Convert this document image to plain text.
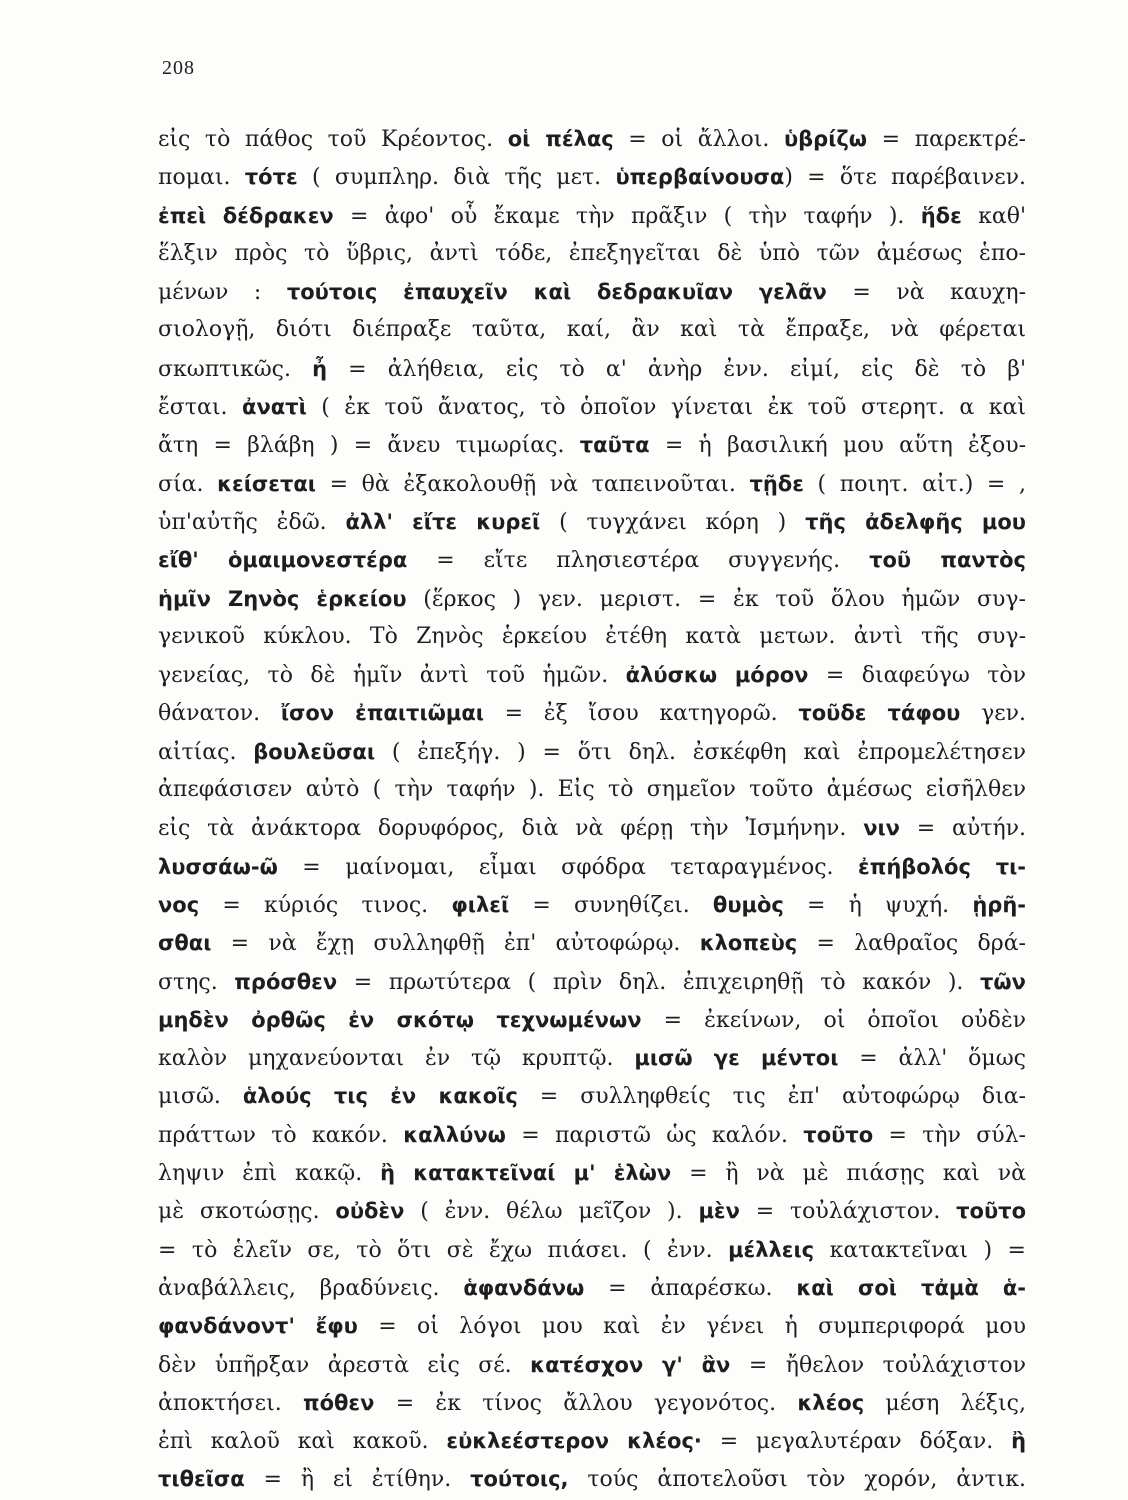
208
εἰς τὸ πάθος τοῦ Κρέοντος. οἱ πέλας = οἱ ἄλλοι. ὑβρίζω = παρεκτρέ-
πομαι. τότε ( συμπληρ. διὰ τῆς μετ. ὑπερβαίνουσα) = ὅτε παρέβαινεν.
ἐπεὶ δέδρακεν = ἀφο' οὗ ἔκαμε τὴν πρᾶξιν ( τὴν ταφήν ). ἥδε καθ'
ἕλξιν πρὸς τὸ ὕβρις, ἀντὶ τόδε, ἐπεξηγεῖται δὲ ὑπὸ τῶν ἀμέσως ἑπο-
μένων : τούτοις ἐπαυχεῖν καὶ δεδρακυῖαν γελᾶν = νὰ καυχη-
σιολογῇ, διότι διέπραξε ταῦτα, καί, ἂν καὶ τὰ ἔπραξε, νὰ φέρεται
σκωπτικῶς. ἦ = ἀλήθεια, εἰς τὸ α' ἀνὴρ ἐνν. εἰμί, εἰς δὲ τὸ β'
ἔσται. ἀνατὶ ( ἐκ τοῦ ἄνατος, τὸ ὁποῖον γίνεται ἐκ τοῦ στερητ. α καὶ
ἄτη = βλάβη ) = ἄνευ τιμωρίας. ταῦτα = ἡ βασιλική μου αὕτη ἐξου-
σία. κείσεται = θὰ ἐξακολουθῇ νὰ ταπεινοῦται. τῇδε ( ποιητ. αἰτ.) = ,
ὑπ'αὐτῆς ἐδῶ. ἀλλ' εἴτε κυρεῖ ( τυγχάνει κόρη ) τῆς ἀδελφῆς μου
εἴθ' ὁμαιμονεστέρα = εἴτε πλησιεστέρα συγγενής. τοῦ παντὸς
ἡμῖν Ζηνὸς ἑρκείου (ἕρκος ) γεν. μεριστ. = ἐκ τοῦ ὅλου ἡμῶν συγ-
γενικοῦ κύκλου. Τὸ Ζηνὸς ἑρκείου ἐτέθη κατὰ μετων. ἀντὶ τῆς συγ-
γενείας, τὸ δὲ ἡμῖν ἀντὶ τοῦ ἡμῶν. ἀλύσκω μόρον = διαφεύγω τὸν
θάνατον. ἴσον ἐπαιτιῶμαι = ἐξ ἴσου κατηγορῶ. τοῦδε τάφου γεν.
αἰτίας. βουλεῦσαι ( ἐπεξήγ. ) = ὅτι δηλ. ἐσκέφθη καὶ ἐπρομελέτησεν
ἀπεφάσισεν αὐτὸ ( τὴν ταφήν ). Εἰς τὸ σημεῖον τοῦτο ἀμέσως εἰσῆλθεν
εἰς τὰ ἀνάκτορα δορυφόρος, διὰ νὰ φέρῃ τὴν Ἰσμήνην. νιν = αὐτήν.
λυσσάω-ῶ = μαίνομαι, εἶμαι σφόδρα τεταραγμένος. ἐπήβολός τι-
νος = κύριός τινος. φιλεῖ = συνηθίζει. θυμὸς = ἡ ψυχή. ᾑρῆ-
σθαι = νὰ ἔχῃ συλληφθῇ ἐπ' αὐτοφώρῳ. κλοπεὺς = λαθραῖος δρά-
στης. πρόσθεν = πρωτύτερα ( πρὶν δηλ. ἐπιχειρηθῇ τὸ κακόν ). τῶν
μηδὲν ὀρθῶς ἐν σκότῳ τεχνωμένων = ἐκείνων, οἱ ὁποῖοι οὐδὲν
καλὸν μηχανεύονται ἐν τῷ κρυπτῷ. μισῶ γε μέντοι = ἀλλ' ὅμως
μισῶ. ἁλούς τις ἐν κακοῖς = συλληφθείς τις ἐπ' αὐτοφώρῳ δια-
πράττων τὸ κακόν. καλλύνω = παριστῶ ὡς καλόν. τοῦτο = τὴν σύλ-
ληψιν ἐπὶ κακῷ. ἢ κατακτεῖναί μ' ἑλὼν = ἢ νὰ μὲ πιάσῃς καὶ νὰ
μὲ σκοτώσῃς. οὐδὲν ( ἐνν. θέλω μεῖζον ). μὲν = τοὐλάχιστον. τοῦτο
= τὸ ἑλεῖν σε, τὸ ὅτι σὲ ἔχω πιάσει. ( ἐνν. μέλλεις κατακτεῖναι ) =
ἀναβάλλεις, βραδύνεις. ἁφανδάνω = ἀπαρέσκω. καὶ σοὶ τἀμὰ ἁ-
φανδάνοντ' ἔφυ = οἱ λόγοι μου καὶ ἐν γένει ἡ συμπεριφορά μου
δὲν ὑπῆρξαν ἀρεστὰ εἰς σέ. κατέσχον γ' ἂν = ἤθελον τοὐλάχιστον
ἀποκτήσει. πόθεν = ἐκ τίνος ἄλλου γεγονότος. κλέος μέση λέξις,
ἐπὶ καλοῦ καὶ κακοῦ. εὐκλεέστερον κλέος· = μεγαλυτέραν δόξαν. ἢ
τιθεῖσα = ἢ εἰ ἐτίθην. τούτοις, τούς ἀποτελοῦσι τὸν χορόν, ἀντικ.
